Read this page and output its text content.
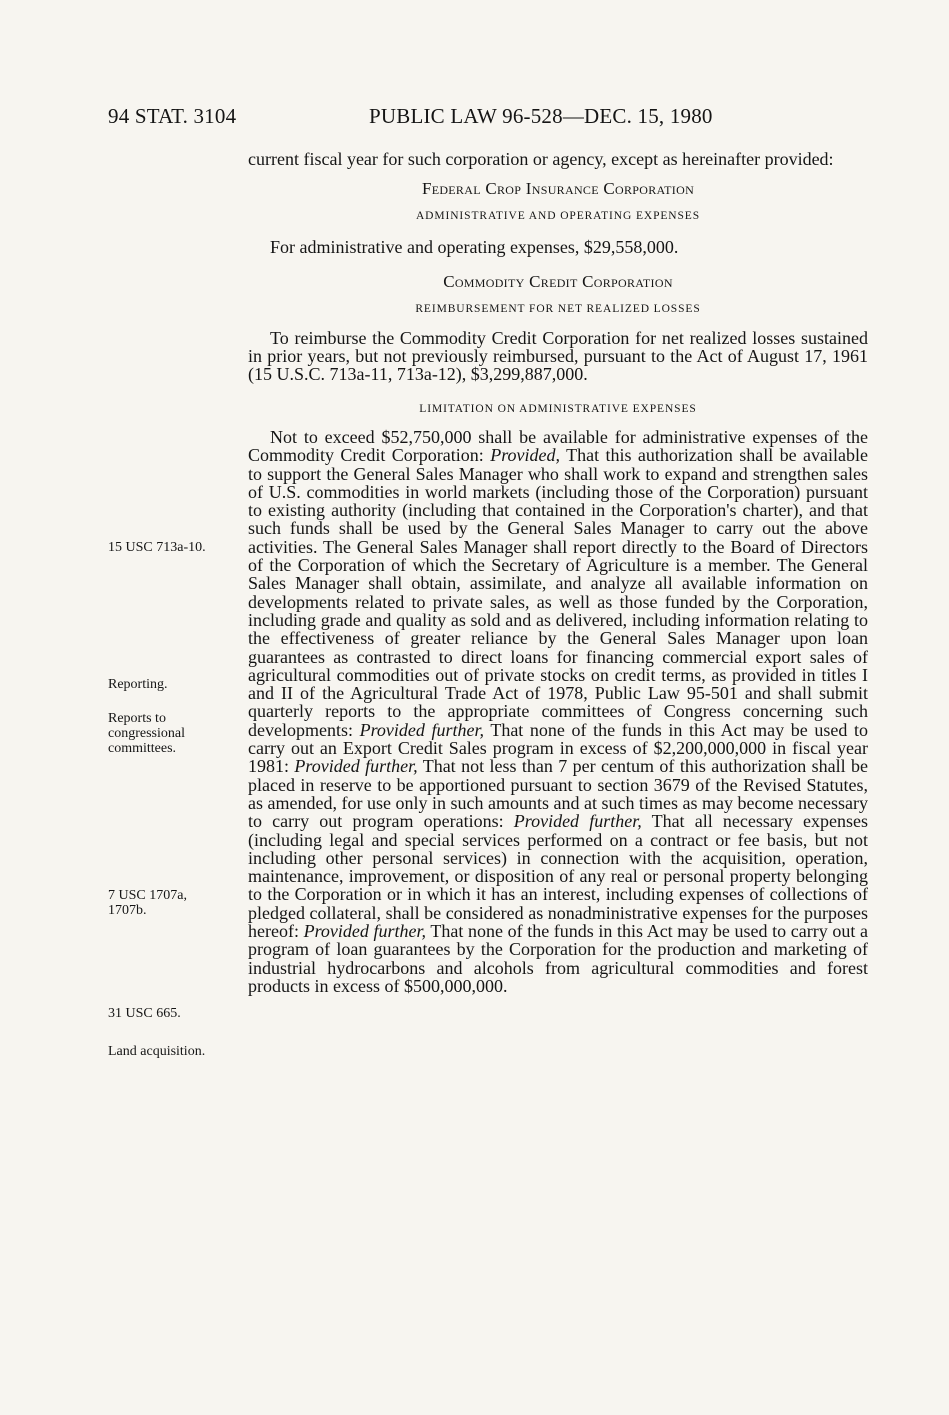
94 STAT. 3104	PUBLIC LAW 96-528—DEC. 15, 1980

current fiscal year for such corporation or agency, except as hereinafter provided:

Federal Crop Insurance Corporation

ADMINISTRATIVE AND OPERATING EXPENSES

For administrative and operating expenses, $29,558,000.

Commodity Credit Corporation

REIMBURSEMENT FOR NET REALIZED LOSSES

To reimburse the Commodity Credit Corporation for net realized losses sustained in prior years, but not previously reimbursed, pursuant to the Act of August 17, 1961 (15 U.S.C. 713a-11, 713a-12), $3,299,887,000.

LIMITATION ON ADMINISTRATIVE EXPENSES

Not to exceed $52,750,000 shall be available for administrative expenses of the Commodity Credit Corporation: Provided, That this authorization shall be available to support the General Sales Manager who shall work to expand and strengthen sales of U.S. commodities in world markets (including those of the Corporation) pursuant to existing authority (including that contained in the Corporation's charter), and that such funds shall be used by the General Sales Manager to carry out the above activities. The General Sales Manager shall report directly to the Board of Directors of the Corporation of which the Secretary of Agriculture is a member. The General Sales Manager shall obtain, assimilate, and analyze all available information on developments related to private sales, as well as those funded by the Corporation, including grade and quality as sold and as delivered, including information relating to the effectiveness of greater reliance by the General Sales Manager upon loan guarantees as contrasted to direct loans for financing commercial export sales of agricultural commodities out of private stocks on credit terms, as provided in titles I and II of the Agricultural Trade Act of 1978, Public Law 95-501 and shall submit quarterly reports to the appropriate committees of Congress concerning such developments: Provided further, That none of the funds in this Act may be used to carry out an Export Credit Sales program in excess of $2,200,000,000 in fiscal year 1981: Provided further, That not less than 7 per centum of this authorization shall be placed in reserve to be apportioned pursuant to section 3679 of the Revised Statutes, as amended, for use only in such amounts and at such times as may become necessary to carry out program operations: Provided further, That all necessary expenses (including legal and special services performed on a contract or fee basis, but not including other personal services) in connection with the acquisition, operation, maintenance, improvement, or disposition of any real or personal property belonging to the Corporation or in which it has an interest, including expenses of collections of pledged collateral, shall be considered as nonadministrative expenses for the purposes hereof: Provided further, That none of the funds in this Act may be used to carry out a program of loan guarantees by the Corporation for the production and marketing of industrial hydrocarbons and alcohols from agricultural commodities and forest products in excess of $500,000,000.

15 USC 713a-10.
Reporting.
Reports to congressional committees.
7 USC 1707a, 1707b.
31 USC 665.
Land acquisition.
